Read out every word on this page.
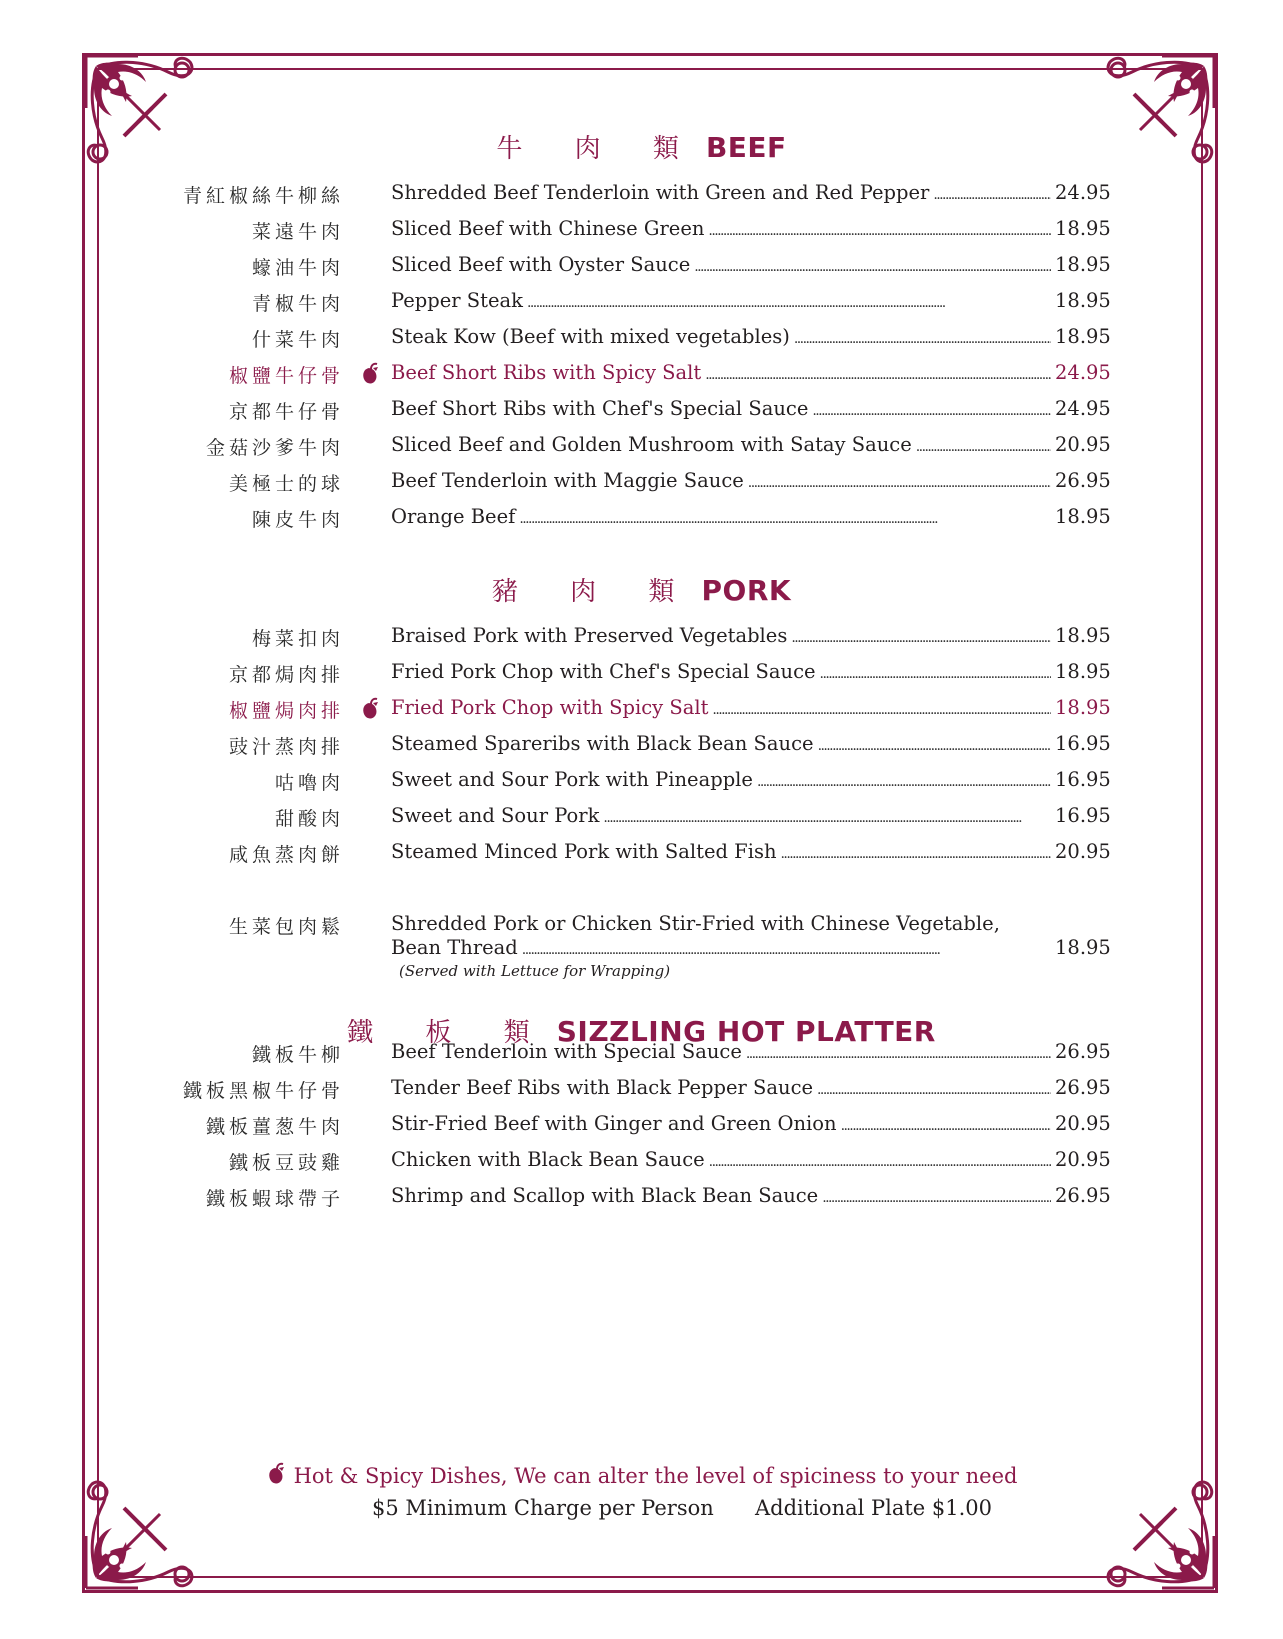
牛 肉 類 BEEF
青紅椒絲牛柳絲 Shredded Beef Tenderloin with Green and Red Pepper . . .	24.95
菜遠牛肉 Sliced Beef with Chinese Green . . .	18.95
蠔油牛肉 Sliced Beef with Oyster Sauce . . .	18.95
青椒牛肉 Pepper Steak . . .	18.95
什菜牛肉 Steak Kow (Beef with mixed vegetables) . . .	18.95
椒鹽牛仔骨 Beef Short Ribs with Spicy Salt . . .	24.95
京都牛仔骨 Beef Short Ribs with Chef's Special Sauce . . .	24.95
金菇沙爹牛肉 Sliced Beef and Golden Mushroom with Satay Sauce . . .	20.95
美極士的球 Beef Tenderloin with Maggie Sauce . . .	26.95
陳皮牛肉 Orange Beef . . .	18.95
豬 肉 類 PORK
梅菜扣肉 Braised Pork with Preserved Vegetables . . .	18.95
京都焗肉排 Fried Pork Chop with Chef's Special Sauce . . .	18.95
椒鹽焗肉排 Fried Pork Chop with Spicy Salt . . .	18.95
豉汁蒸肉排 Steamed Spareribs with Black Bean Sauce . . .	16.95
咕嚕肉 Sweet and Sour Pork with Pineapple . . .	16.95
甜酸肉 Sweet and Sour Pork . . .	16.95
咸魚蒸肉餅 Steamed Minced Pork with Salted Fish . . .	20.95
生菜包肉鬆 Shredded Pork or Chicken Stir-Fried with Chinese Vegetable,
Bean Thread . . .	18.95
(Served with Lettuce for Wrapping)
鐵 板 類 SIZZLING HOT PLATTER
鐵板牛柳 Beef Tenderloin with Special Sauce . . .	26.95
鐵板黑椒牛仔骨 Tender Beef Ribs with Black Pepper Sauce . . .	26.95
鐵板薑葱牛肉 Stir-Fried Beef with Ginger and Green Onion . . .	20.95
鐵板豆豉雞 Chicken with Black Bean Sauce . . .	20.95
鐵板蝦球帶子 Shrimp and Scallop with Black Bean Sauce . . .	26.95
Hot & Spicy Dishes, We can alter the level of spiciness to your need
$5 Minimum Charge per Person Additional Plate $1.00
